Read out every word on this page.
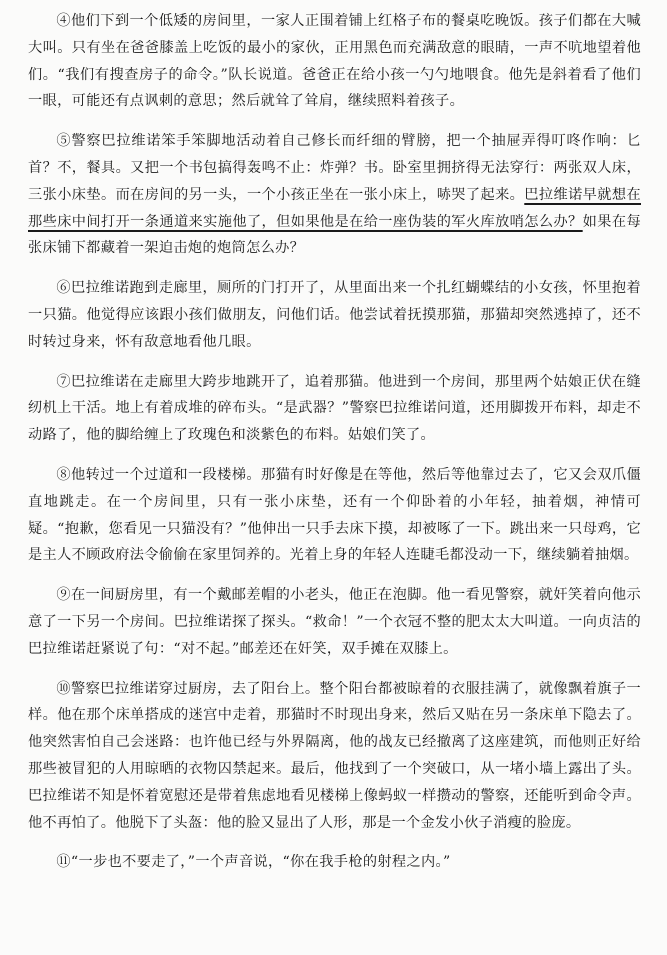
④他们下到一个低矮的房间里，一家人正围着铺上红格子布的餐桌吃晚饭。孩子们都在大喊大叫。只有坐在爸爸膝盖上吃饭的最小的家伙，正用黑色而充满敌意的眼睛，一声不吭地望着他们。“我们有搜查房子的命令。”队长说道。爸爸正在给小孩一勺勺地喂食。他先是斜着看了他们一眼，可能还有点讽刺的意思；然后就耸了耸肩，继续照料着孩子。

⑤警察巴拉维诺笨手笨脚地活动着自己修长而纤细的臂膀，把一个抽屉弄得叮咚作响：匕首？不，餐具。又把一个书包搞得轰鸣不止：炸弹？书。卧室里拥挤得无法穿行：两张双人床，三张小床垫。而在房间的另一头，一个小孩正坐在一张小床上，哧哭了起来。巴拉维诺早就想在那些床中间打开一条通道来实施他了，但如果他是在给一座伪装的军火库放哨怎么办？如果在每张床铺下都藏着一架迫击炮的炮筒怎么办？

⑥巴拉维诺跑到走廊里，厕所的门打开了，从里面出来一个扎红蝴蝶结的小女孩，怀里抱着一只猫。他觉得应该跟小孩们做朋友，问他们话。他尝试着抚摸那猫，那猫却突然逃掉了，还不时转过身来，怀有敌意地看他几眼。

⑦巴拉维诺在走廊里大跨步地跳开了，追着那猫。他进到一个房间，那里两个姑娘正伏在缝纫机上干活。地上有着成堆的碎布头。“是武器？”警察巴拉维诺问道，还用脚拨开布料，却走不动路了，他的脚给缠上了玫瑰色和淡紫色的布料。姑娘们笑了。

⑧他转过一个过道和一段楼梯。那猫有时好像是在等他，然后等他靠过去了，它又会双爪僵直地跳走。在一个房间里，只有一张小床垫，还有一个仰卧着的小年轻，抽着烟，神情可疑。“抱歉，您看见一只猫没有？”他伸出一只手去床下摸，却被啄了一下。跳出来一只母鸡，它是主人不顾政府法令偷偷在家里饲养的。光着上身的年轻人连睫毛都没动一下，继续躺着抽烟。

⑨在一间厨房里，有一个戴邮差帽的小老头，他正在泡脚。他一看见警察，就奸笑着向他示意了一下另一个房间。巴拉维诺探了探头。“救命！”一个衣冠不整的肥太太大叫道。一向贞洁的巴拉维诺赶紧说了句：“对不起。”邮差还在奸笑，双手摊在双膝上。

⑩警察巴拉维诺穿过厨房，去了阳台上。整个阳台都被晾着的衣服挂满了，就像飘着旗子一样。他在那个床单搭成的迷宫中走着，那猫时不时现出身来，然后又贴在另一条床单下隐去了。他突然害怕自己会迷路：也许他已经与外界隔离，他的战友已经撤离了这座建筑，而他则正好给那些被冒犯的人用晾晒的衣物囚禁起来。最后，他找到了一个突破口，从一堵小墙上露出了头。巴拉维诺不知是怀着宽慰还是带着焦虑地看见楼梯上像蚂蚁一样攒动的警察，还能听到命令声。他不再怕了。他脱下了头盔：他的脸又显出了人形，那是一个金发小伙子消瘦的脸庞。

⑪“一步也不要走了，”一个声音说，“你在我手枪的射程之内。”
